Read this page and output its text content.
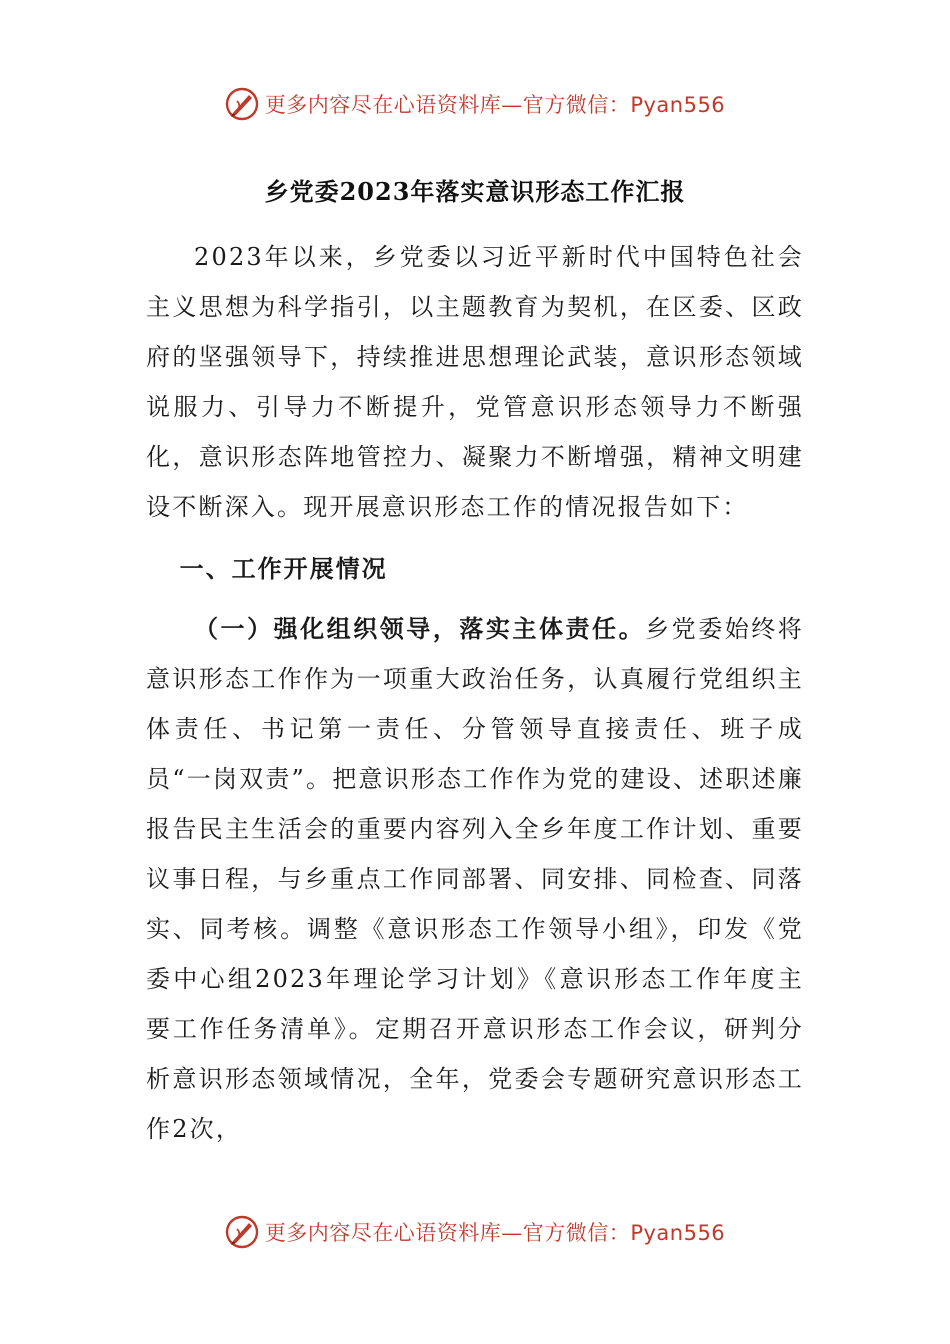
更多内容尽在心语资料库—官方微信：Pyan556
乡党委2023年落实意识形态工作汇报

2023年以来，乡党委以习近平新时代中国特色社会主义思想为科学指引，以主题教育为契机，在区委、区政府的坚强领导下，持续推进思想理论武装，意识形态领域说服力、引导力不断提升，党管意识形态领导力不断强化，意识形态阵地管控力、凝聚力不断增强，精神文明建设不断深入。现开展意识形态工作的情况报告如下：

一、工作开展情况

（一）强化组织领导，落实主体责任。乡党委始终将意识形态工作作为一项重大政治任务，认真履行党组织主体责任、书记第一责任、分管领导直接责任、班子成员“一岗双责”。把意识形态工作作为党的建设、述职述廉报告民主生活会的重要内容列入全乡年度工作计划、重要议事日程，与乡重点工作同部署、同安排、同检查、同落实、同考核。调整《意识形态工作领导小组》，印发《党委中心组2023年理论学习计划》《意识形态工作年度主要工作任务清单》。定期召开意识形态工作会议，研判分析意识形态领域情况，全年，党委会专题研究意识形态工作2次，

更多内容尽在心语资料库—官方微信：Pyan556
